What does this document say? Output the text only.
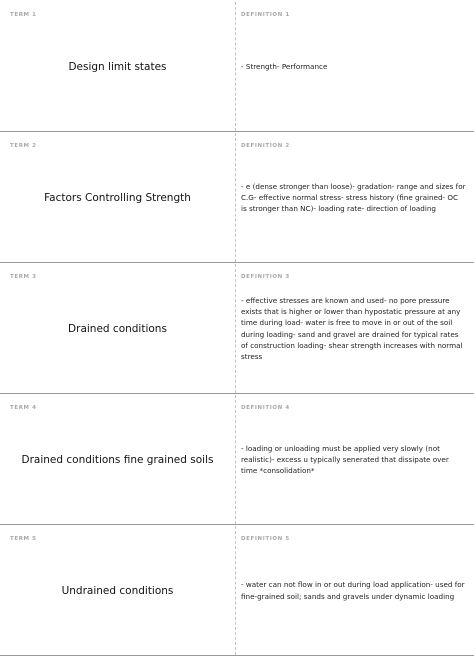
TERM 1
Design limit states
DEFINITION 1
- Strength- Performance
TERM 2
Factors Controlling Strength
DEFINITION 2
- e (dense stronger than loose)- gradation- range and sizes for C.G- effective normal stress- stress history (fine grained- OC is stronger than NC)- loading rate- direction of loading
TERM 3
Drained conditions
DEFINITION 3
- effective stresses are known and used- no pore pressure exists that is higher or lower than hypostatic pressure at any time during load- water is free to move in or out of the soil during loading- sand and gravel are drained for typical rates of construction loading- shear strength increases with normal stress
TERM 4
Drained conditions fine grained soils
DEFINITION 4
- loading or unloading must be applied very slowly (not realistic)- excess u typically senerated that dissipate over time *consolidation*
TERM 5
Undrained conditions
DEFINITION 5
- water can not flow in or out during load application- used for fine-grained soil; sands and gravels under dynamic loading
